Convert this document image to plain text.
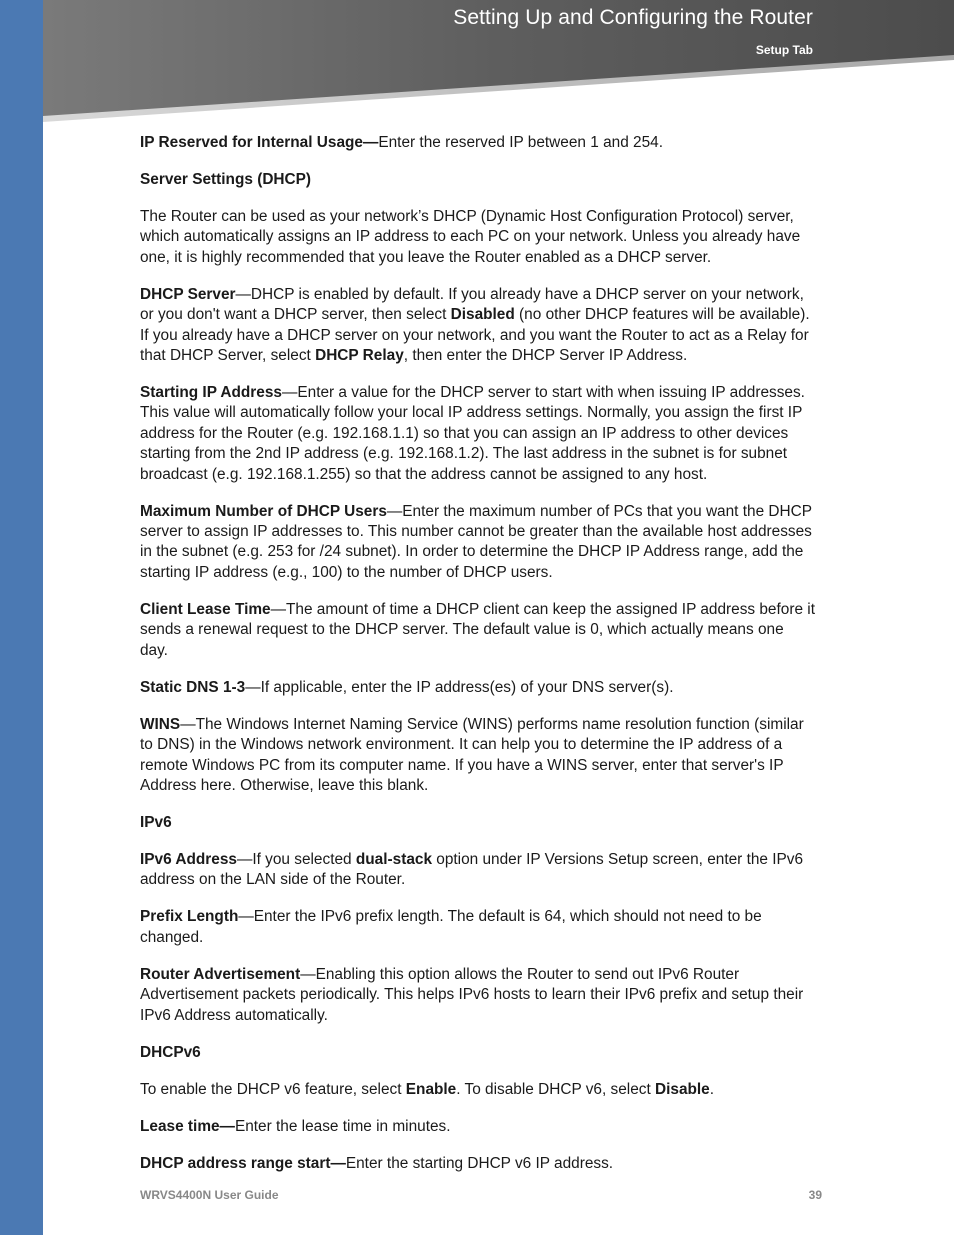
Setting Up and Configuring the Router
Setup Tab

IP Reserved for Internal Usage—Enter the reserved IP between 1 and 254.

Server Settings (DHCP)

The Router can be used as your network’s DHCP (Dynamic Host Configuration Protocol) server, which automatically assigns an IP address to each PC on your network. Unless you already have one, it is highly recommended that you leave the Router enabled as a DHCP server.

DHCP Server—DHCP is enabled by default. If you already have a DHCP server on your network, or you don't want a DHCP server, then select Disabled (no other DHCP features will be available). If you already have a DHCP server on your network, and you want the Router to act as a Relay for that DHCP Server, select DHCP Relay, then enter the DHCP Server IP Address.

Starting IP Address—Enter a value for the DHCP server to start with when issuing IP addresses. This value will automatically follow your local IP address settings. Normally, you assign the first IP address for the Router (e.g. 192.168.1.1) so that you can assign an IP address to other devices starting from the 2nd IP address (e.g. 192.168.1.2). The last address in the subnet is for subnet broadcast (e.g. 192.168.1.255) so that the address cannot be assigned to any host.

Maximum Number of DHCP Users—Enter the maximum number of PCs that you want the DHCP server to assign IP addresses to. This number cannot be greater than the available host addresses in the subnet (e.g. 253 for /24 subnet). In order to determine the DHCP IP Address range, add the starting IP address (e.g., 100) to the number of DHCP users.

Client Lease Time—The amount of time a DHCP client can keep the assigned IP address before it sends a renewal request to the DHCP server. The default value is 0, which actually means one day.

Static DNS 1-3—If applicable, enter the IP address(es) of your DNS server(s).

WINS—The Windows Internet Naming Service (WINS) performs name resolution function (similar to DNS) in the Windows network environment. It can help you to determine the IP address of a remote Windows PC from its computer name. If you have a WINS server, enter that server's IP Address here. Otherwise, leave this blank.

IPv6

IPv6 Address—If you selected dual-stack option under IP Versions Setup screen, enter the IPv6 address on the LAN side of the Router.

Prefix Length—Enter the IPv6 prefix length. The default is 64, which should not need to be changed.

Router Advertisement—Enabling this option allows the Router to send out IPv6 Router Advertisement packets periodically. This helps IPv6 hosts to learn their IPv6 prefix and setup their IPv6 Address automatically.

DHCPv6

To enable the DHCP v6 feature, select Enable. To disable DHCP v6, select Disable.

Lease time—Enter the lease time in minutes.

DHCP address range start—Enter the starting DHCP v6 IP address.

WRVS4400N User Guide	39
